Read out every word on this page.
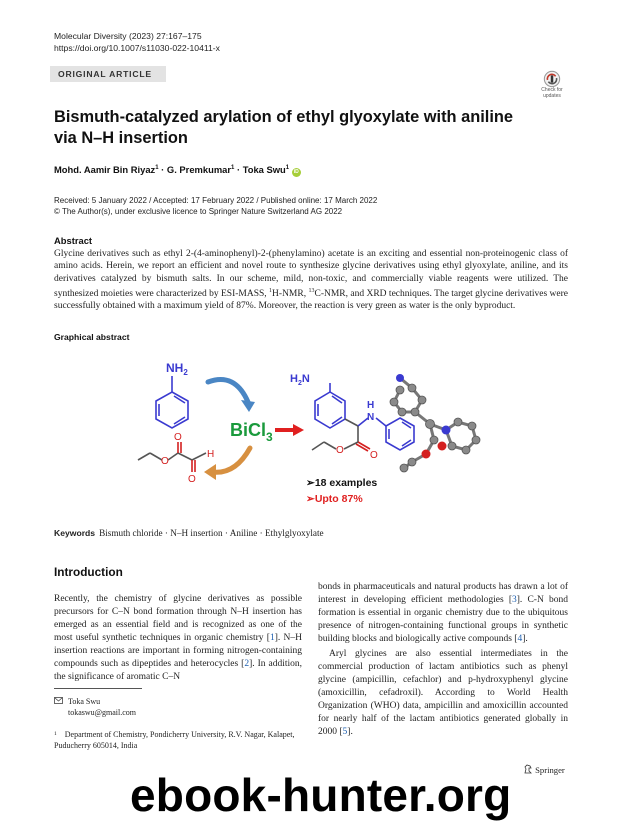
Molecular Diversity (2023) 27:167–175
https://doi.org/10.1007/s11030-022-10411-x
ORIGINAL ARTICLE
Check for
updates
Bismuth-catalyzed arylation of ethyl glyoxylate with aniline via N–H insertion
Mohd. Aamir Bin Riyaz$^1$ · G. Premkumar$^1$ · Toka Swu$^1$ iD
Received: 5 January 2022 / Accepted: 17 February 2022 / Published online: 17 March 2022
© The Author(s), under exclusive licence to Springer Nature Switzerland AG 2022
Abstract
Glycine derivatives such as ethyl 2-(4-aminophenyl)-2-(phenylamino) acetate is an exciting and essential non-proteinogenic class of amino acids. Herein, we report an efficient and novel route to synthesize glycine derivatives using ethyl glyoxylate, aniline, and its derivatives catalyzed by bismuth salts. In our scheme, mild, non-toxic, and commercially viable reagents were utilized. The synthesized moieties were characterized by ESI-MASS, $^1$H-NMR, $^{13}$C-NMR, and XRD techniques. The target glycine derivatives were successfully obtained with a maximum yield of 87%. Moreover, the reaction is very green as water is the only byproduct.
Graphical abstract
$NH_2$
O
O
O
H
BiCl$_3$
$H_2N$
H
N
O	O
➢18 examples
➢Upto 87%
Keywords Bismuth chloride · N–H insertion · Aniline · Ethylglyoxylate
Introduction

Recently, the chemistry of glycine derivatives as possible precursors for C–N bond formation through N–H insertion has emerged as an essential field and is recognized as one of the most useful synthetic techniques in organic chemistry [1]. N–H insertion reactions are important in forming nitrogen-containing compounds such as dipeptides and heterocycles [2]. In addition, the significance of aromatic C–N

bonds in pharmaceuticals and natural products has drawn a lot of interest in developing efficient methodologies [3]. C-N bond formation is essential in organic chemistry due to the ubiquitous presence of nitrogen-containing functional groups in synthetic building blocks and biologically active compounds [4].

Aryl glycines are also essential intermediates in the commercial production of lactam antibiotics such as phenyl glycine (ampicillin, cefachlor) and p-hydroxyphenyl glycine (amoxicillin, cefadroxil). According to World Health Organization (WHO) data, ampicillin and amoxicillin accounted for nearly half of the lactam antibiotics generated globally in 2000 [5].

Toka Swu
tokaswu@gmail.com
$^1$ Department of Chemistry, Pondicherry University, R.V. Nagar, Kalapet, Puducherry 605014, India
Springer
ebook-hunter.org
